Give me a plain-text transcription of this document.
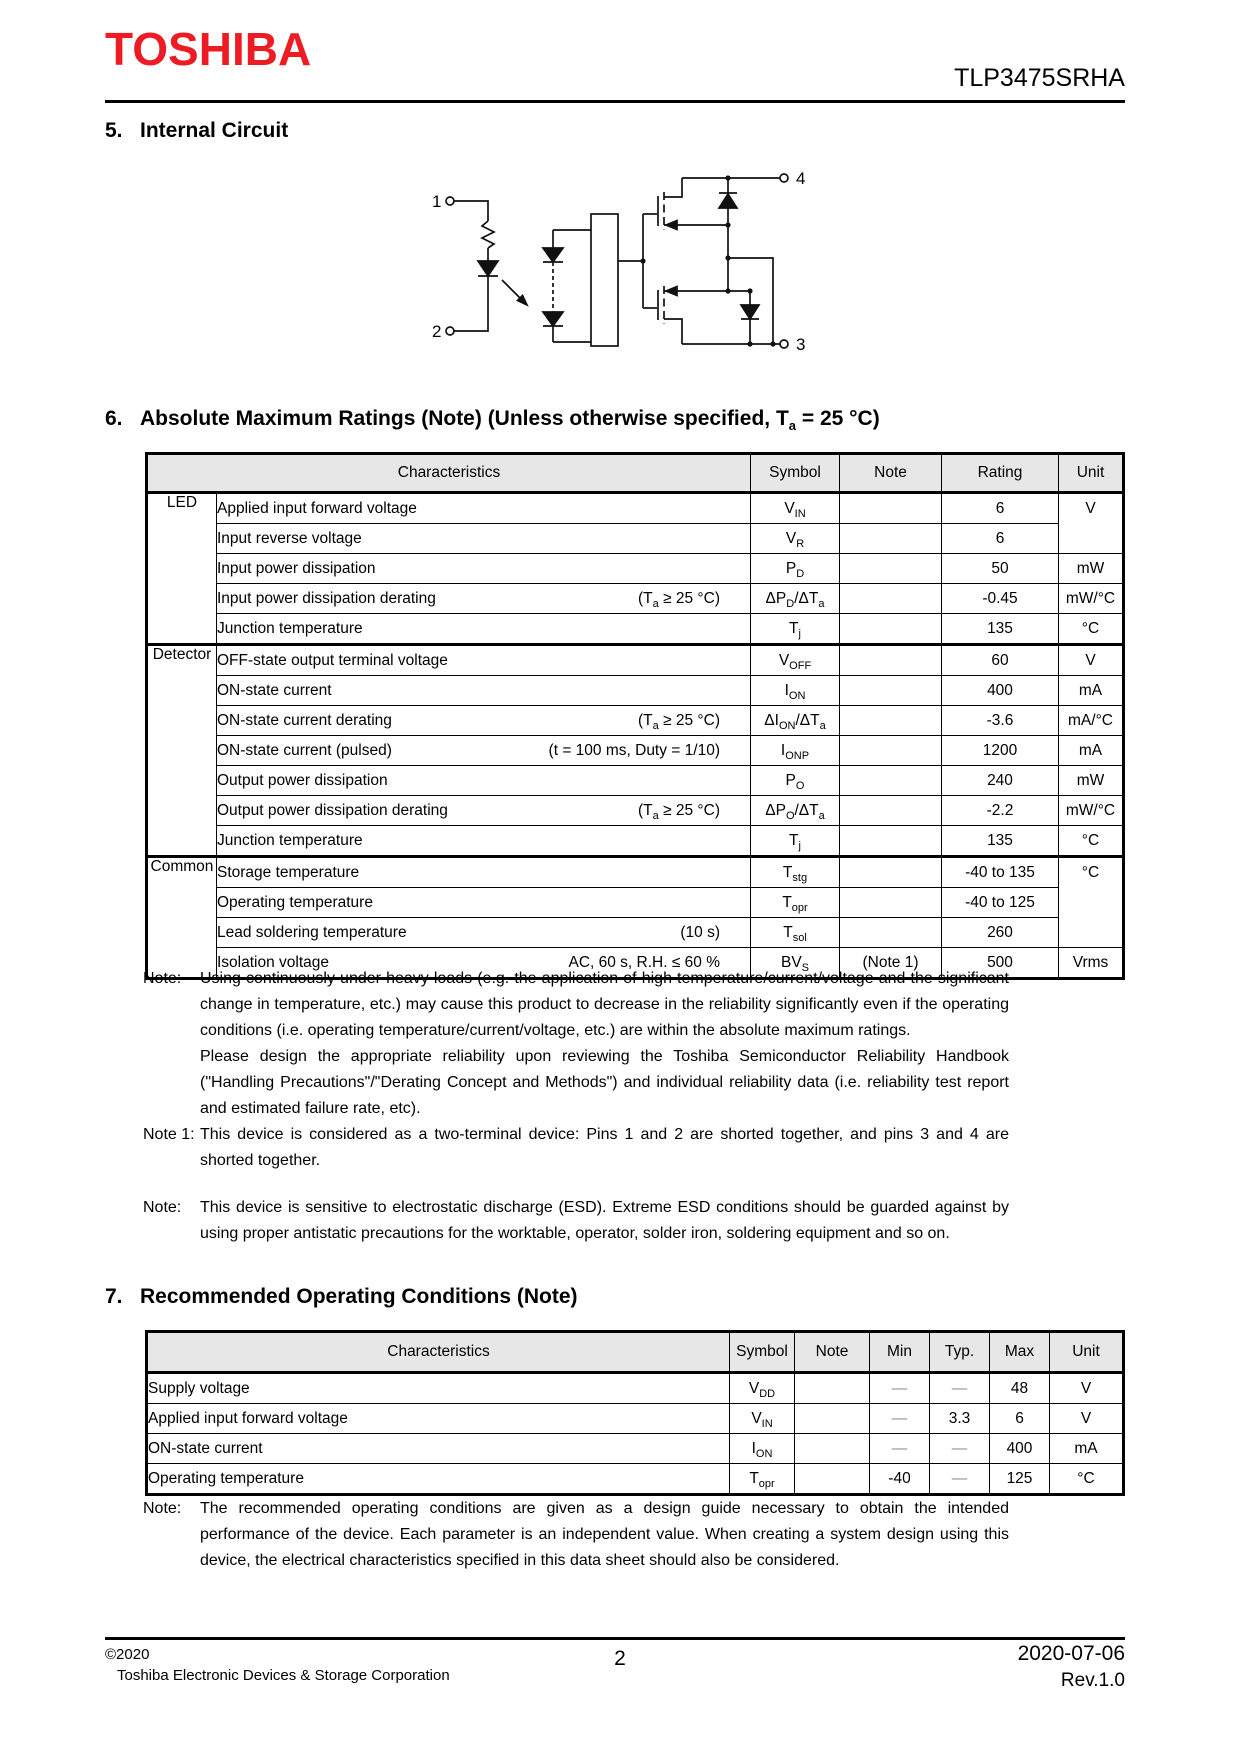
TOSHIBA
TLP3475SRHA
5. Internal Circuit
1
2
3
4
6. Absolute Maximum Ratings (Note) (Unless otherwise specified, $T_a = 25$ °C)
Characteristics		Symbol	Note	Rating	Unit
LED	Applied input forward voltage	$V_{IN}$		6	V

	Input reverse voltage	$V_R$		6	

	Input power dissipation	$P_D$		50	mW

	Input power dissipation derating ($T_a \ge 25$ °C)	$\Delta P_D/\Delta T_a$		-0.45	mW/°C

	Junction temperature	$T_j$		135	°C
Detector	OFF-state output terminal voltage	$V_{OFF}$		60	V

	ON-state current	$I_{ON}$		400	mA

	ON-state current derating ($T_a \ge 25$ °C)	$\Delta I_{ON}/\Delta T_a$		-3.6	mA/°C

	ON-state current (pulsed) (t = 100 ms, Duty = 1/10)	$I_{ONP}$		1200	mA

	Output power dissipation	$P_O$		240	mW

	Output power dissipation derating ($T_a \ge 25$ °C)	$\Delta P_O/\Delta T_a$		-2.2	mW/°C

	Junction temperature	$T_j$		135	°C
Common	Storage temperature	$T_{stg}$		-40 to 135	°C

	Operating temperature	$T_{opr}$		-40 to 125	

	Lead soldering temperature (10 s)	$T_{sol}$		260	

	Isolation voltage AC, 60 s, R.H. ≤ 60 %	$BV_S$	(Note 1)	500	Vrms
Note:	Using continuously under heavy loads (e.g. the application of high temperature/current/voltage and the significant change in temperature, etc.) may cause this product to decrease in the reliability significantly even if the operating conditions (i.e. operating temperature/current/voltage, etc.) are within the absolute maximum ratings.
Please design the appropriate reliability upon reviewing the Toshiba Semiconductor Reliability Handbook ("Handling Precautions"/"Derating Concept and Methods") and individual reliability data (i.e. reliability test report and estimated failure rate, etc).
Note 1: This device is considered as a two-terminal device: Pins 1 and 2 are shorted together, and pins 3 and 4 are shorted together.
Note:	This device is sensitive to electrostatic discharge (ESD). Extreme ESD conditions should be guarded against by using proper antistatic precautions for the worktable, operator, solder iron, soldering equipment and so on.
7. Recommended Operating Conditions (Note)
Characteristics	Symbol	Note	Min	Typ.	Max	Unit

Supply voltage	$V_{DD}$		—	—	48	V

Applied input forward voltage	$V_{IN}$		—	3.3	6	V

ON-state current	$I_{ON}$		—	—	400	mA

Operating temperature	$T_{opr}$		-40	—	125	°C
Note:	The recommended operating conditions are given as a design guide necessary to obtain the intended performance of the device. Each parameter is an independent value. When creating a system design using this device, the electrical characteristics specified in this data sheet should also be considered.
©2020
Toshiba Electronic Devices & Storage Corporation
2	2020-07-06
Rev.1.0
